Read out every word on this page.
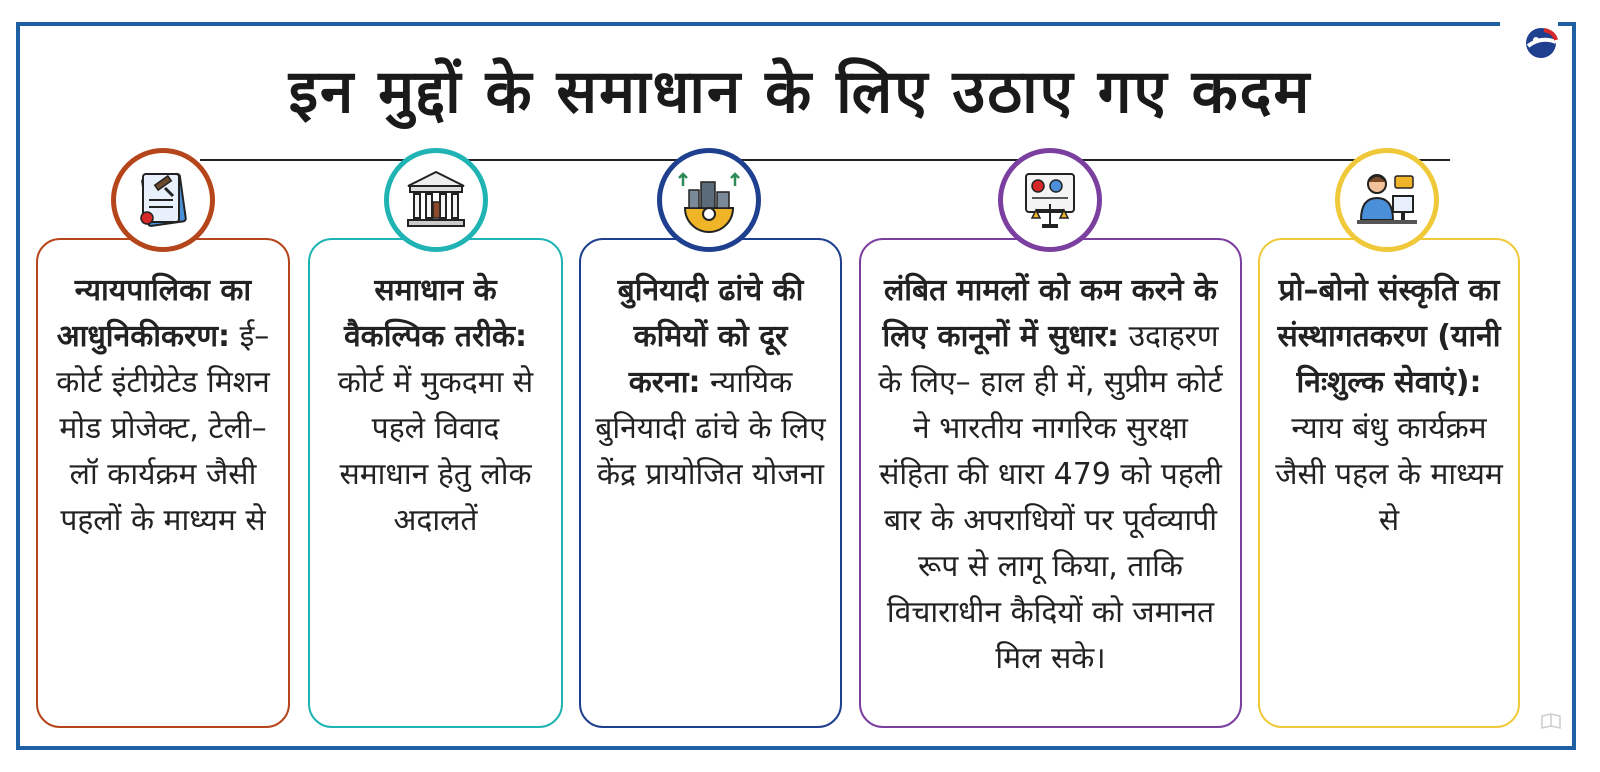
इन मुद्दों के समाधान के लिए उठाए गए कदम
न्यायपालिका का आधुनिकीकरण: ई–कोर्ट इंटीग्रेटेड मिशन मोड प्रोजेक्ट, टेली–लॉ कार्यक्रम जैसी पहलों के माध्यम से
समाधान के वैकल्पिक तरीके: कोर्ट में मुकदमा से पहले विवाद समाधान हेतु लोक अदालतें
बुनियादी ढांचे की कमियों को दूर करना: न्यायिक बुनियादी ढांचे के लिए केंद्र प्रायोजित योजना
लंबित मामलों को कम करने के लिए कानूनों में सुधार: उदाहरण के लिए– हाल ही में, सुप्रीम कोर्ट ने भारतीय नागरिक सुरक्षा संहिता की धारा 479 को पहली बार के अपराधियों पर पूर्वव्यापी रूप से लागू किया, ताकि विचाराधीन कैदियों को जमानत मिल सके।
प्रो–बोनो संस्कृति का संस्थागतकरण (यानी निःशुल्क सेवाएं): न्याय बंधु कार्यक्रम जैसी पहल के माध्यम से
